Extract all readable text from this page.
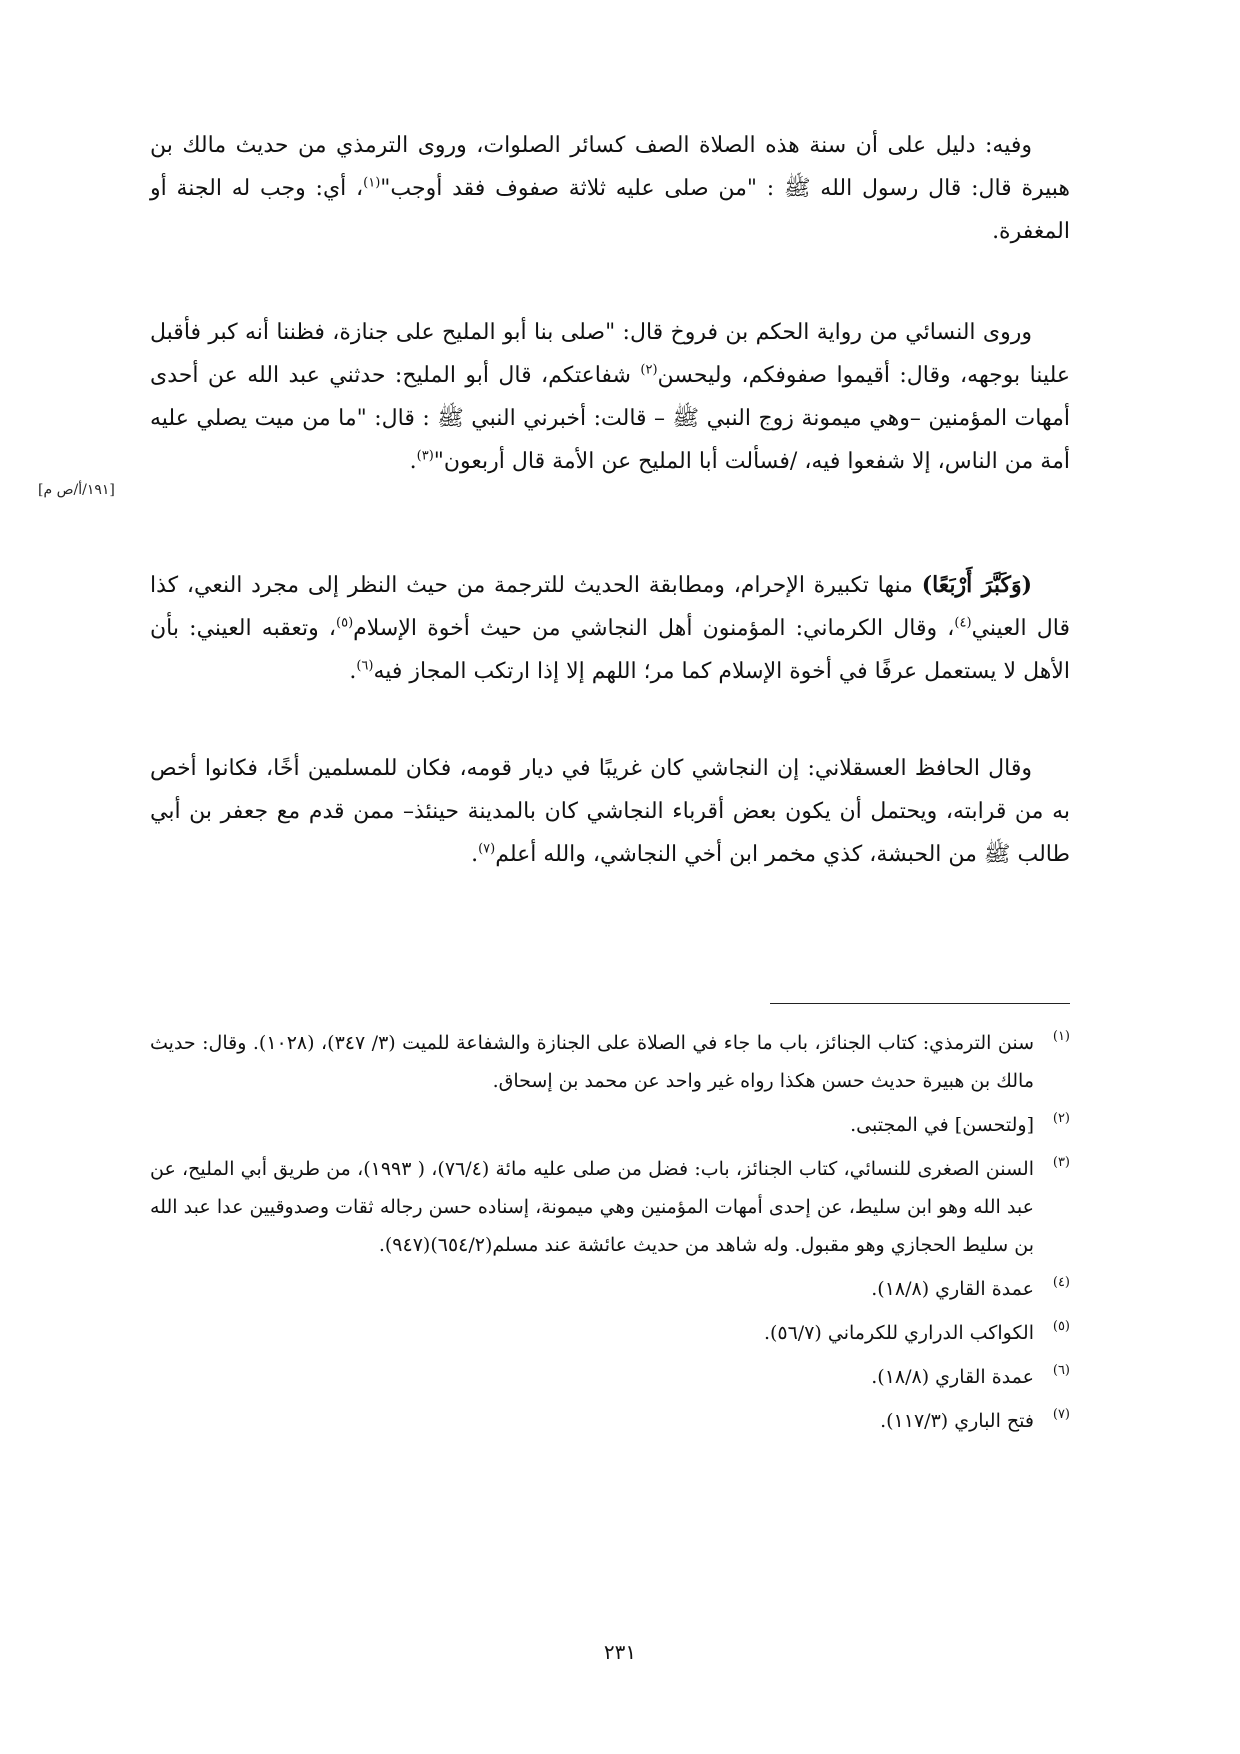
وفيه: دليل على أن سنة هذه الصلاة الصف كسائر الصلوات، وروى الترمذي من حديث مالك بن هبيرة قال: قال رسول الله ﷺ : "من صلى عليه ثلاثة صفوف فقد أوجب"$^{(١)}$، أي: وجب له الجنة أو المغفرة.

وروى النسائي من رواية الحكم بن فروخ قال: "صلى بنا أبو المليح على جنازة، فظننا أنه كبر فأقبل علينا بوجهه، وقال: أقيموا صفوفكم، وليحسن$^{(٢)}$ شفاعتكم، قال أبو المليح: حدثني عبد الله عن أحدى أمهات المؤمنين –وهي ميمونة زوج النبي ﷺ – قالت: أخبرني النبي ﷺ : قال: "ما من ميت يصلي عليه أمة من الناس، إلا شفعوا فيه، /فسألت أبا المليح عن الأمة قال أربعون"$^{(٣)}$.

[١٩١/أ/ص م]

(وَكَبَّرَ أَرْبَعًا) منها تكبيرة الإحرام، ومطابقة الحديث للترجمة من حيث النظر إلى مجرد النعي، كذا قال العيني$^{(٤)}$، وقال الكرماني: المؤمنون أهل النجاشي من حيث أخوة الإسلام$^{(٥)}$، وتعقبه العيني: بأن الأهل لا يستعمل عرفًا في أخوة الإسلام كما مر؛ اللهم إلا إذا ارتكب المجاز فيه$^{(٦)}$.

وقال الحافظ العسقلاني: إن النجاشي كان غريبًا في ديار قومه، فكان للمسلمين أخًا، فكانوا أخص به من قرابته، ويحتمل أن يكون بعض أقرباء النجاشي كان بالمدينة حينئذ– ممن قدم مع جعفر بن أبي طالب ﷺ من الحبشة، كذي مخمر ابن أخي النجاشي، والله أعلم$^{(٧)}$.

(١)
سنن الترمذي: كتاب الجنائز، باب ما جاء في الصلاة على الجنازة والشفاعة للميت (٣/ ٣٤٧)، (١٠٢٨). وقال: حديث مالك بن هبيرة حديث حسن هكذا رواه غير واحد عن محمد بن إسحاق.

(٢)
[ولتحسن] في المجتبى.

(٣)
السنن الصغرى للنسائي، كتاب الجنائز، باب: فضل من صلى عليه مائة (٧٦/٤)، ( ١٩٩٣)، من طريق أبي المليح، عن عبد الله وهو ابن سليط، عن إحدى أمهات المؤمنين وهي ميمونة، إسناده حسن رجاله ثقات وصدوقيين عدا عبد الله بن سليط الحجازي وهو مقبول. وله شاهد من حديث عائشة عند مسلم(٦٥٤/٢)(٩٤٧).

(٤)
عمدة القاري (١٨/٨).

(٥)
الكواكب الدراري للكرماني (٥٦/٧).

(٦)
عمدة القاري (١٨/٨).

(٧)
فتح الباري (١١٧/٣).

٢٣١
